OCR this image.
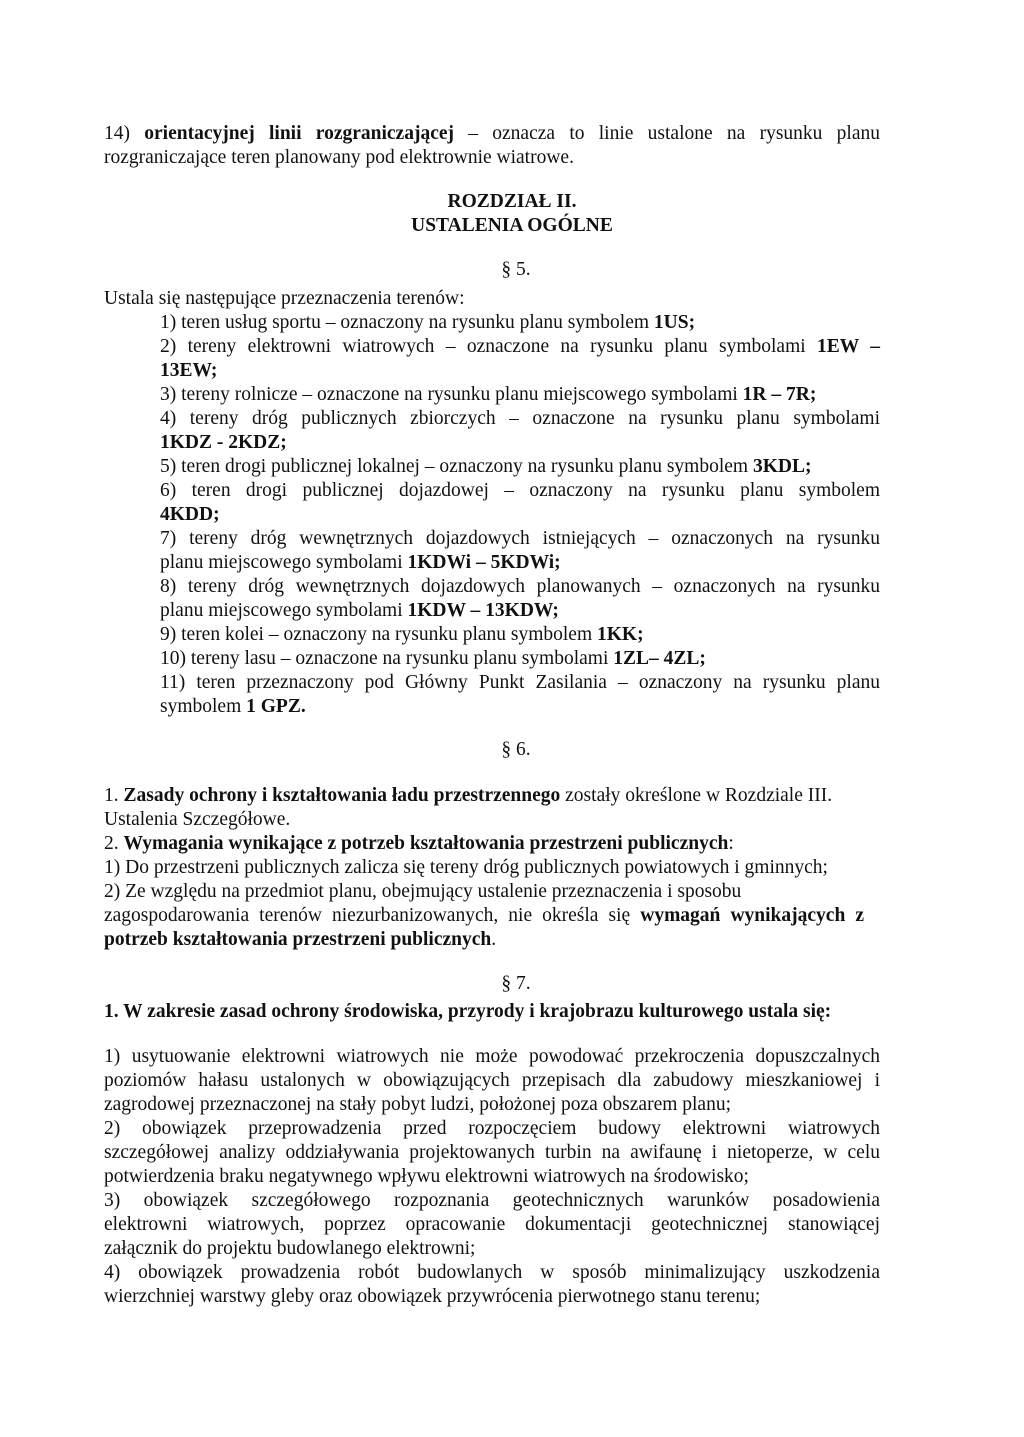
14) orientacyjnej linii rozgraniczającej – oznacza to linie ustalone na rysunku planu
rozgraniczające teren planowany pod elektrownie wiatrowe.
ROZDZIAŁ II.
USTALENIA OGÓLNE
§ 5.
Ustala się następujące przeznaczenia terenów:
1) teren usług sportu – oznaczony na rysunku planu symbolem 1US;
2) tereny elektrowni wiatrowych – oznaczone na rysunku planu symbolami 1EW –
13EW;
3) tereny rolnicze – oznaczone na rysunku planu miejscowego symbolami 1R – 7R;
4) tereny dróg publicznych zbiorczych – oznaczone na rysunku planu symbolami
1KDZ - 2KDZ;
5) teren drogi publicznej lokalnej – oznaczony na rysunku planu symbolem 3KDL;
6) teren drogi publicznej dojazdowej – oznaczony na rysunku planu symbolem
4KDD;
7) tereny dróg wewnętrznych dojazdowych istniejących – oznaczonych na rysunku
planu miejscowego symbolami 1KDWi – 5KDWi;
8) tereny dróg wewnętrznych dojazdowych planowanych – oznaczonych na rysunku
planu miejscowego symbolami 1KDW – 13KDW;
9) teren kolei – oznaczony na rysunku planu symbolem 1KK;
10) tereny lasu – oznaczone na rysunku planu symbolami 1ZL– 4ZL;
11) teren przeznaczony pod Główny Punkt Zasilania – oznaczony na rysunku planu
symbolem 1 GPZ.
§ 6.
1. Zasady ochrony i kształtowania ładu przestrzennego zostały określone w Rozdziale III.
Ustalenia Szczegółowe.
2. Wymagania wynikające z potrzeb kształtowania przestrzeni publicznych:
1) Do przestrzeni publicznych zalicza się tereny dróg publicznych powiatowych i gminnych;
2) Ze względu na przedmiot planu, obejmujący ustalenie przeznaczenia i sposobu
zagospodarowania terenów niezurbanizowanych, nie określa się wymagań wynikających z
potrzeb kształtowania przestrzeni publicznych.
§ 7.
1. W zakresie zasad ochrony środowiska, przyrody i krajobrazu kulturowego ustala się:
1) usytuowanie elektrowni wiatrowych nie może powodować przekroczenia dopuszczalnych
poziomów hałasu ustalonych w obowiązujących przepisach dla zabudowy mieszkaniowej i
zagrodowej przeznaczonej na stały pobyt ludzi, położonej poza obszarem planu;
2) obowiązek przeprowadzenia przed rozpoczęciem budowy elektrowni wiatrowych
szczegółowej analizy oddziaływania projektowanych turbin na awifaunę i nietoperze, w celu
potwierdzenia braku negatywnego wpływu elektrowni wiatrowych na środowisko;
3) obowiązek szczegółowego rozpoznania geotechnicznych warunków posadowienia
elektrowni wiatrowych, poprzez opracowanie dokumentacji geotechnicznej stanowiącej
załącznik do projektu budowlanego elektrowni;
4) obowiązek prowadzenia robót budowlanych w sposób minimalizujący uszkodzenia
wierzchniej warstwy gleby oraz obowiązek przywrócenia pierwotnego stanu terenu;
